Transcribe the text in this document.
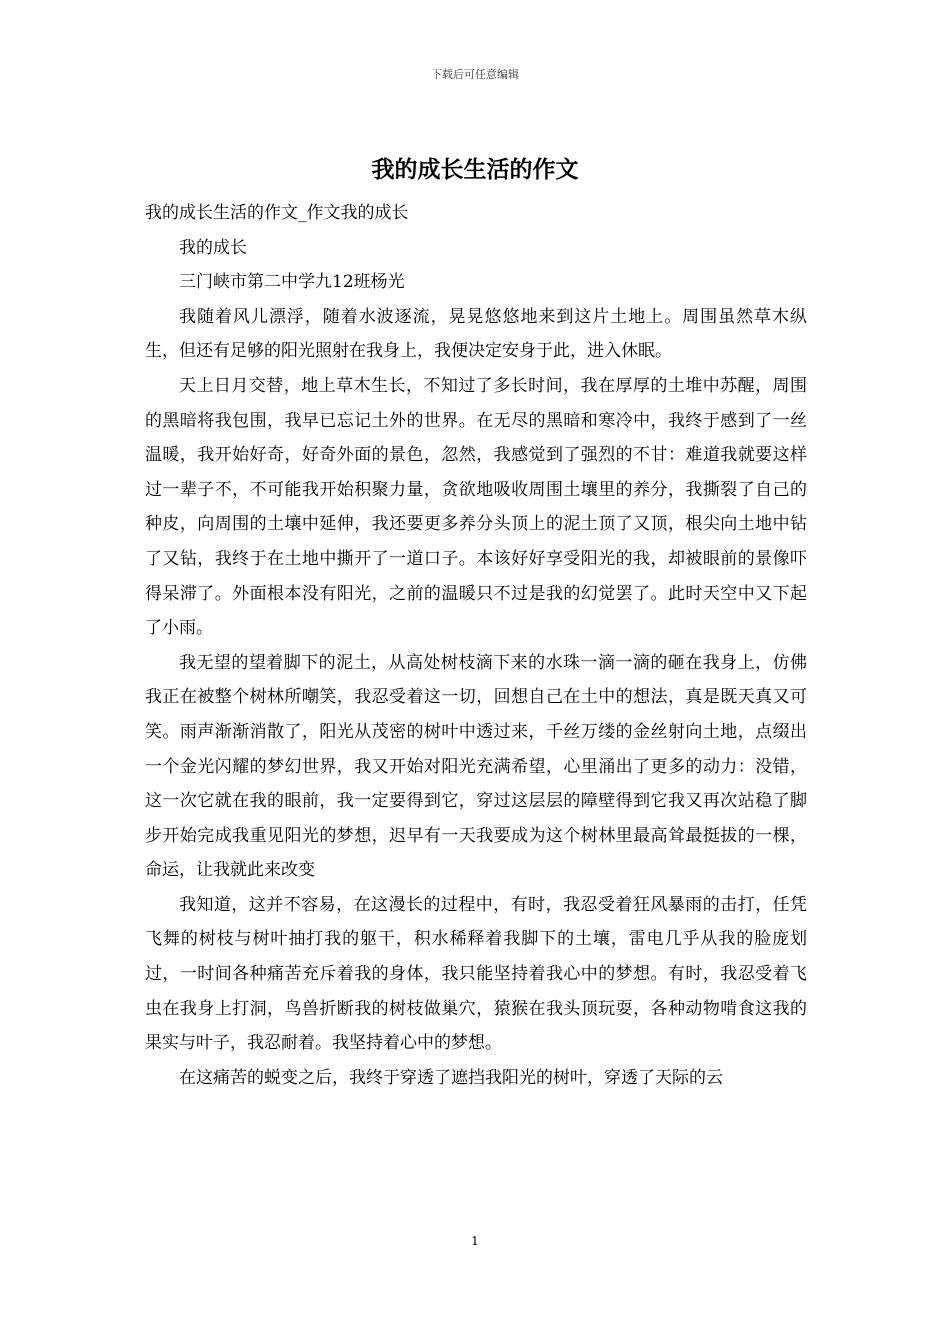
下载后可任意编辑
我的成长生活的作文

我的成长生活的作文_作文我的成长

我的成长

三门峡市第二中学九12班杨光

我随着风儿漂浮，随着水波逐流，晃晃悠悠地来到这片土地上。周围虽然草木纵生，但还有足够的阳光照射在我身上，我便决定安身于此，进入休眠。

天上日月交替，地上草木生长，不知过了多长时间，我在厚厚的土堆中苏醒，周围的黑暗将我包围，我早已忘记土外的世界。在无尽的黑暗和寒冷中，我终于感到了一丝温暖，我开始好奇，好奇外面的景色，忽然，我感觉到了强烈的不甘：难道我就要这样过一辈子不，不可能我开始积聚力量，贪欲地吸收周围土壤里的养分，我撕裂了自己的种皮，向周围的土壤中延伸，我还要更多养分头顶上的泥土顶了又顶，根尖向土地中钻了又钻，我终于在土地中撕开了一道口子。本该好好享受阳光的我，却被眼前的景像吓得呆滞了。外面根本没有阳光，之前的温暖只不过是我的幻觉罢了。此时天空中又下起了小雨。

我无望的望着脚下的泥土，从高处树枝滴下来的水珠一滴一滴的砸在我身上，仿佛我正在被整个树林所嘲笑，我忍受着这一切，回想自己在土中的想法，真是既天真又可笑。雨声渐渐消散了，阳光从茂密的树叶中透过来，千丝万缕的金丝射向土地，点缀出一个金光闪耀的梦幻世界，我又开始对阳光充满希望，心里涌出了更多的动力：没错，这一次它就在我的眼前，我一定要得到它，穿过这层层的障壁得到它我又再次站稳了脚步开始完成我重见阳光的梦想，迟早有一天我要成为这个树林里最高耸最挺拔的一棵，命运，让我就此来改变

我知道，这并不容易，在这漫长的过程中，有时，我忍受着狂风暴雨的击打，任凭飞舞的树枝与树叶抽打我的躯干，积水稀释着我脚下的土壤，雷电几乎从我的脸庞划过，一时间各种痛苦充斥着我的身体，我只能坚持着我心中的梦想。有时，我忍受着飞虫在我身上打洞，鸟兽折断我的树枝做巢穴，猿猴在我头顶玩耍，各种动物啃食这我的果实与叶子，我忍耐着。我坚持着心中的梦想。

在这痛苦的蜕变之后，我终于穿透了遮挡我阳光的树叶，穿透了天际的云

1
